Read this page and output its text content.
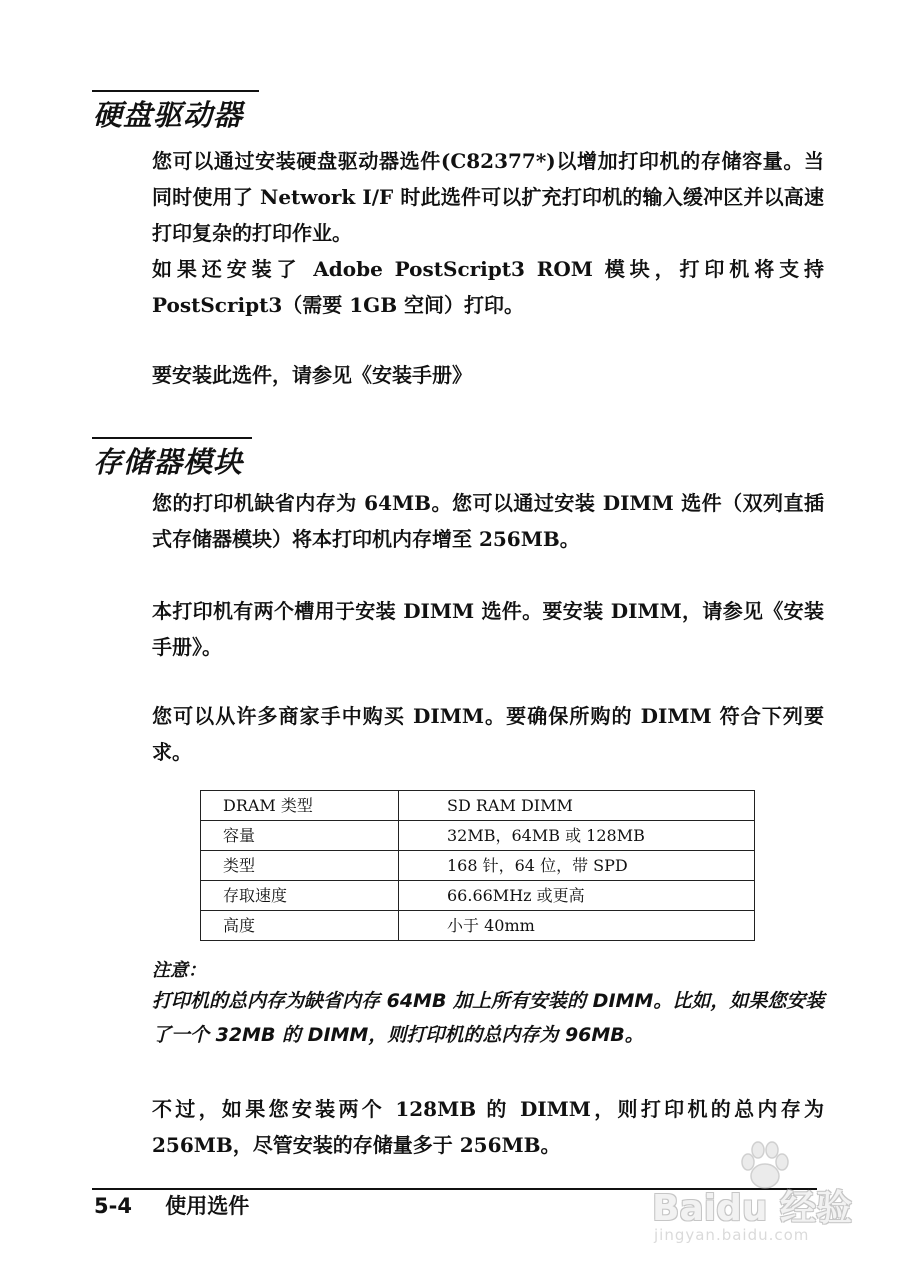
硬盘驱动器

您可以通过安装硬盘驱动器选件(C82377*)以增加打印机的存储容量。当同时使用了 Network I/F 时此选件可以扩充打印机的输入缓冲区并以高速打印复杂的打印作业。

如果还安装了 Adobe PostScript3 ROM 模块，打印机将支持 PostScript3（需要 1GB 空间）打印。

要安装此选件，请参见《安装手册》

存储器模块

您的打印机缺省内存为 64MB。您可以通过安装 DIMM 选件（双列直插式存储器模块）将本打印机内存增至 256MB。

本打印机有两个槽用于安装 DIMM 选件。要安装 DIMM，请参见《安装手册》。

您可以从许多商家手中购买 DIMM。要确保所购的 DIMM 符合下列要求。

DRAM 类型	SD RAM DIMM
容量	32MB，64MB 或 128MB
类型	168 针，64 位，带 SPD
存取速度	66.66MHz 或更高
高度	小于 40mm

注意：

打印机的总内存为缺省内存 64MB 加上所有安装的 DIMM。比如，如果您安装了一个 32MB 的 DIMM，则打印机的总内存为 96MB。

不过，如果您安装两个 128MB 的 DIMM，则打印机的总内存为 256MB，尽管安装的存储量多于 256MB。

5-4 使用选件	Baidu 经验
jingyan.baidu.com
